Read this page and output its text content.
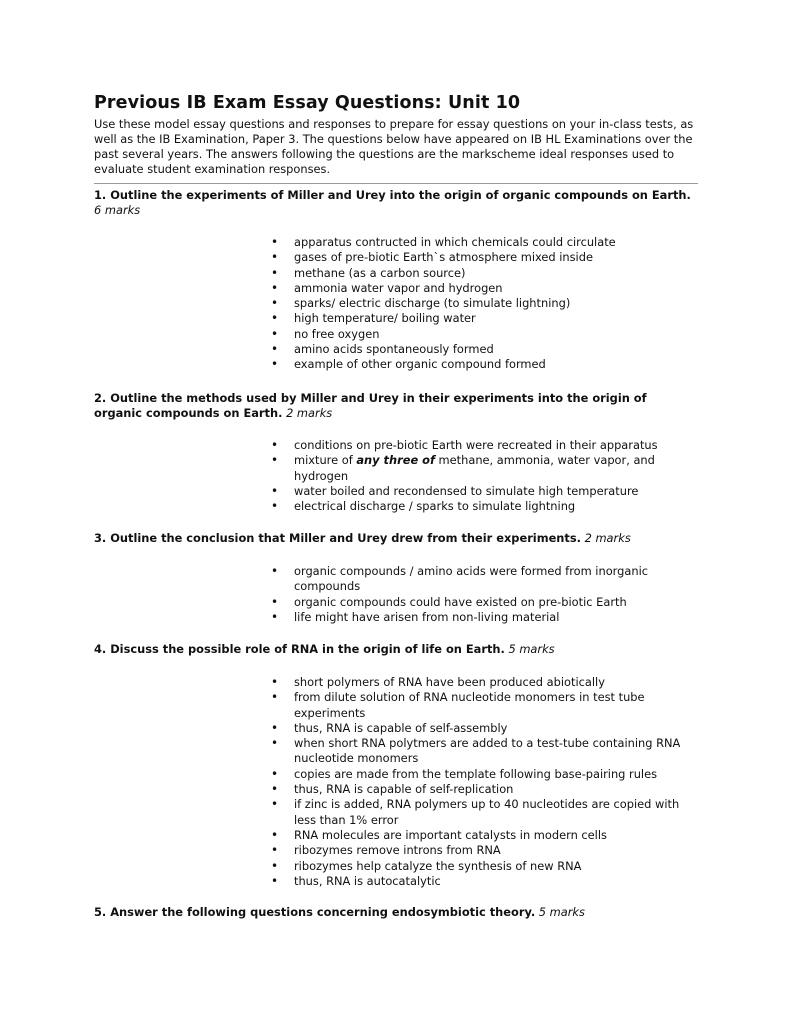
Previous IB Exam Essay Questions: Unit 10
Use these model essay questions and responses to prepare for essay questions on your in-class tests, as well as the IB Examination, Paper 3. The questions below have appeared on IB HL Examinations over the past several years. The answers following the questions are the markscheme ideal responses used to evaluate student examination responses.
1. Outline the experiments of Miller and Urey into the origin of organic compounds on Earth.
6 marks
• apparatus contructed in which chemicals could circulate
• gases of pre-biotic Earth`s atmosphere mixed inside
• methane (as a carbon source)
• ammonia water vapor and hydrogen
• sparks/ electric discharge (to simulate lightning)
• high temperature/ boiling water
• no free oxygen
• amino acids spontaneously formed
• example of other organic compound formed
2. Outline the methods used by Miller and Urey in their experiments into the origin of organic compounds on Earth. 2 marks
• conditions on pre-biotic Earth were recreated in their apparatus
• mixture of any three of methane, ammonia, water vapor, and hydrogen
• water boiled and recondensed to simulate high temperature
• electrical discharge / sparks to simulate lightning
3. Outline the conclusion that Miller and Urey drew from their experiments. 2 marks
• organic compounds / amino acids were formed from inorganic compounds
• organic compounds could have existed on pre-biotic Earth
• life might have arisen from non-living material
4. Discuss the possible role of RNA in the origin of life on Earth. 5 marks
• short polymers of RNA have been produced abiotically
• from dilute solution of RNA nucleotide monomers in test tube experiments
• thus, RNA is capable of self-assembly
• when short RNA polytmers are added to a test-tube containing RNA nucleotide monomers
• copies are made from the template following base-pairing rules
• thus, RNA is capable of self-replication
• if zinc is added, RNA polymers up to 40 nucleotides are copied with less than 1% error
• RNA molecules are important catalysts in modern cells
• ribozymes remove introns from RNA
• ribozymes help catalyze the synthesis of new RNA
• thus, RNA is autocatalytic
5. Answer the following questions concerning endosymbiotic theory. 5 marks
